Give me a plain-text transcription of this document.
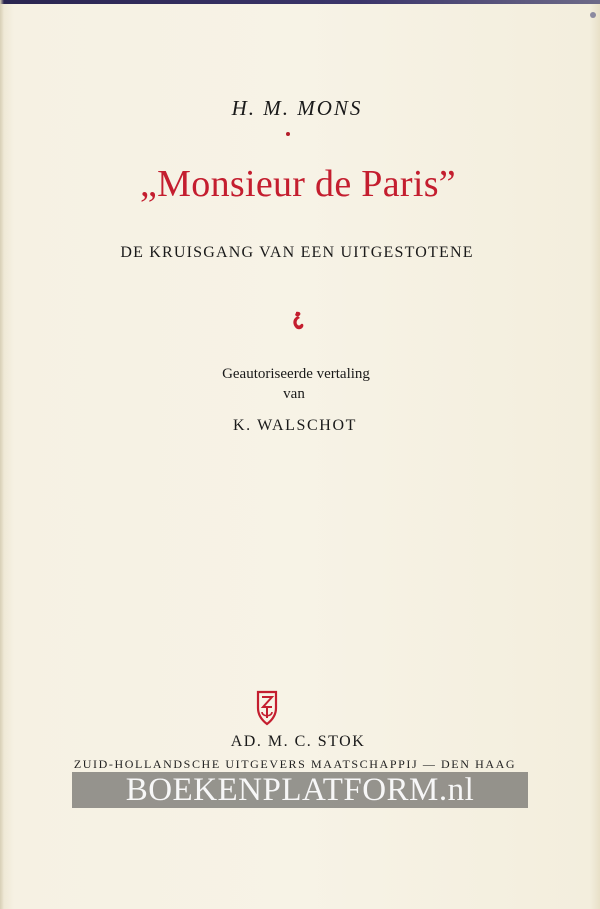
H. M. MONS
„Monsieur de Paris”
DE KRUISGANG VAN EEN UITGESTOTENE
Geautoriseerde vertaling
van
K. WALSCHOT
AD. M. C. STOK
ZUID-HOLLANDSCHE UITGEVERS MAATSCHAPPIJ — DEN HAAG
BOEKENPLATFORM.nl
